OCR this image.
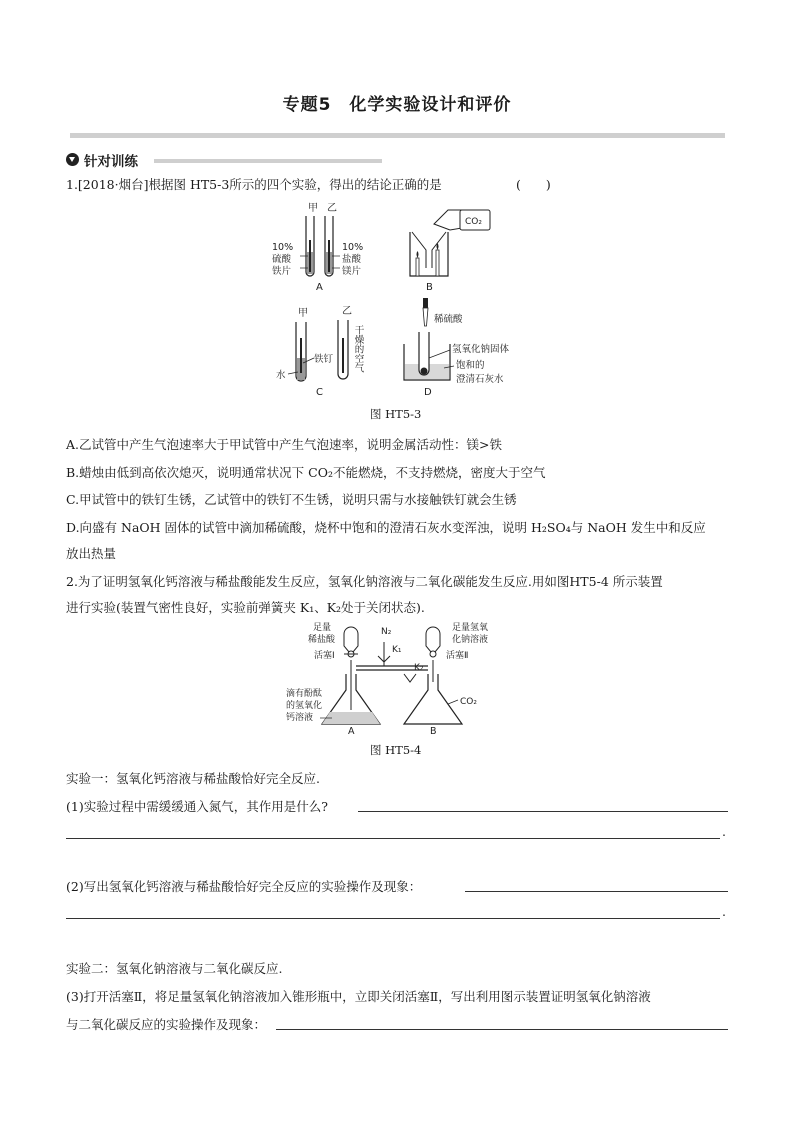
专题5　化学实验设计和评价
针对训练
1.[2018·烟台]根据图 HT5-3所示的四个实验，得出的结论正确的是	(　　)
甲 乙
10%
硫酸
铁片
10%
盐酸
镁片
A
CO₂
B
甲	乙
铁钉
水
干燥的空气
C
稀硫酸
氢氧化钠固体
饱和的
澄清石灰水
D
图 HT5-3
A.乙试管中产生气泡速率大于甲试管中产生气泡速率，说明金属活动性：镁>铁
B.蜡烛由低到高依次熄灭，说明通常状况下 CO₂不能燃烧，不支持燃烧，密度大于空气
C.甲试管中的铁钉生锈，乙试管中的铁钉不生锈，说明只需与水接触铁钉就会生锈
D.向盛有 NaOH 固体的试管中滴加稀硫酸，烧杯中饱和的澄清石灰水变浑浊，说明 H₂SO₄与 NaOH 发生中和反应
放出热量
2.为了证明氢氧化钙溶液与稀盐酸能发生反应，氢氧化钠溶液与二氧化碳能发生反应.用如图HT5-4 所示装置
进行实验(装置气密性良好，实验前弹簧夹 K₁、K₂处于关闭状态).
足量
稀盐酸
活塞Ⅰ
滴有酚酞
的氢氧化
钙溶液
A
N₂
K₁
K₂
足量氢氧
化钠溶液
活塞Ⅱ
CO₂
B
图 HT5-4
实验一：氢氧化钙溶液与稀盐酸恰好完全反应.
(1)实验过程中需缓缓通入氮气，其作用是什么?
.
(2)写出氢氧化钙溶液与稀盐酸恰好完全反应的实验操作及现象：
.
实验二：氢氧化钠溶液与二氧化碳反应.
(3)打开活塞Ⅱ，将足量氢氧化钠溶液加入锥形瓶中，立即关闭活塞Ⅱ，写出利用图示装置证明氢氧化钠溶液
与二氧化碳反应的实验操作及现象：
